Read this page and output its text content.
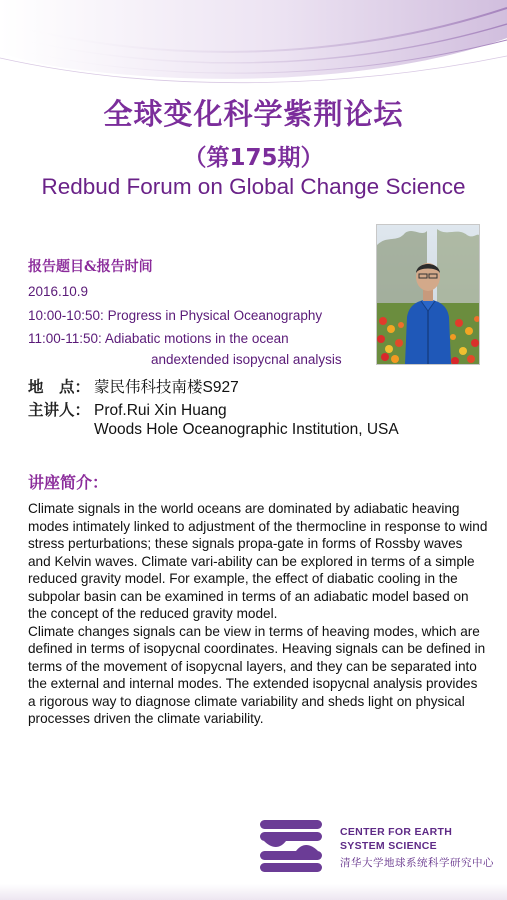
全球变化科学紫荆论坛
（第175期）
Redbud Forum on Global Change Science
报告题目&报告时间
2016.10.9
10:00-10:50: Progress in Physical Oceanography
11:00-11:50: Adiabatic motions in the ocean
andextended isopycnal analysis
地　点： 蒙民伟科技南楼S927
主讲人： Prof.Rui Xin Huang
Woods Hole Oceanographic Institution, USA
讲座简介：

Climate signals in the world oceans are dominated by adiabatic heaving modes intimately linked to adjustment of the thermocline in response to wind stress perturbations; these signals propa-gate in forms of Rossby waves and Kelvin waves. Climate vari-ability can be explored in terms of a simple reduced gravity model. For example, the effect of diabatic cooling in the subpolar basin can be examined in terms of an adiabatic model based on the concept of the reduced gravity model.

Climate changes signals can be view in terms of heaving modes, which are defined in terms of isopycnal coordinates. Heaving signals can be defined in terms of the movement of isopycnal layers, and they can be separated into the external and internal modes. The extended isopycnal analysis provides a rigorous way to diagnose climate variability and sheds light on physical processes driven the climate variability.

CENTER FOR EARTH
SYSTEM SCIENCE
清华大学地球系统科学研究中心
